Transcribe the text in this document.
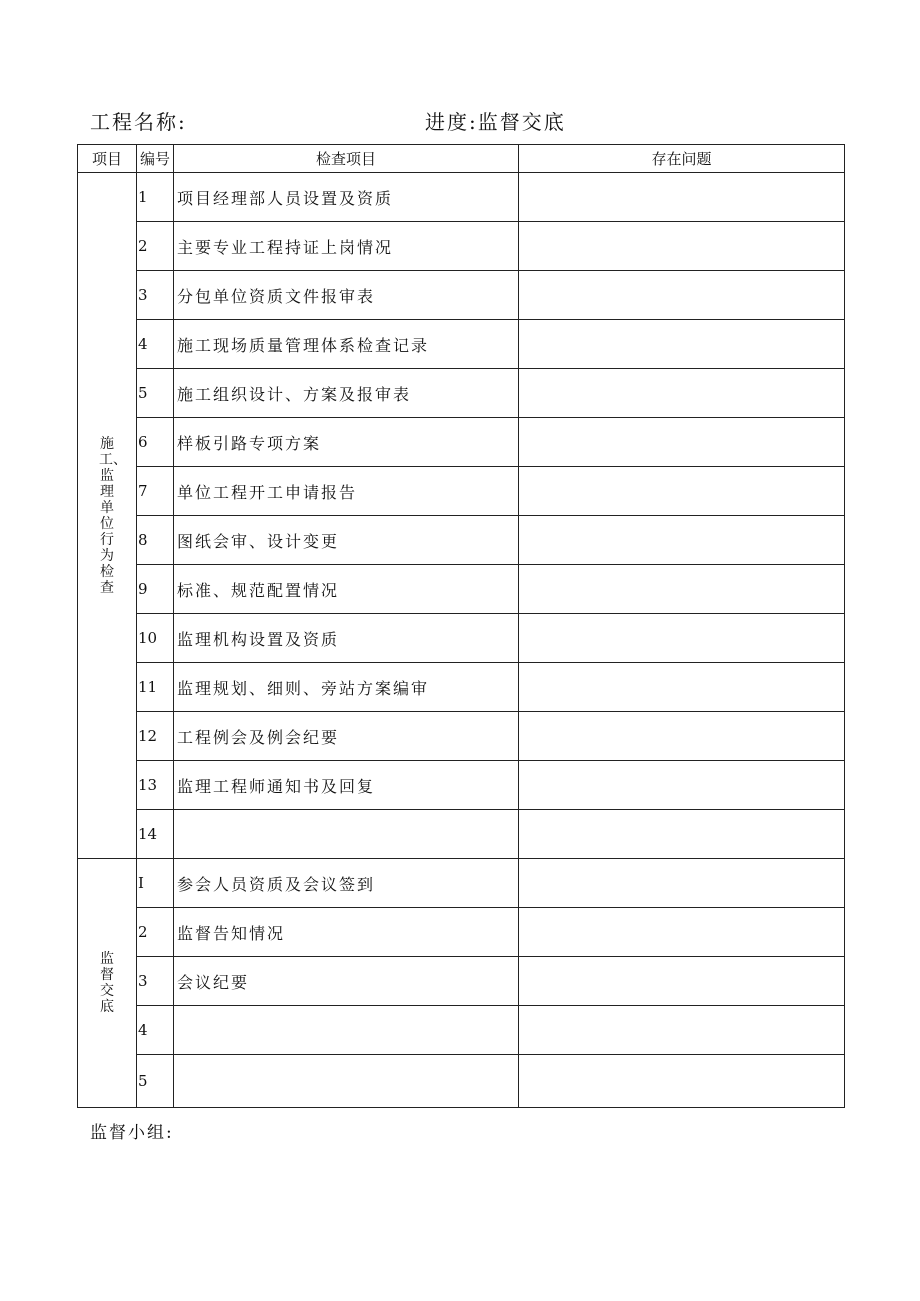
工程名称:	进度:监督交底
项目	编号	检查项目	存在问题
施工、监理单位行为检查	1	项目经理部人员设置及资质	
	2	主要专业工程持证上岗情况	
	3	分包单位资质文件报审表	
	4	施工现场质量管理体系检查记录	
	5	施工组织设计、方案及报审表	
	6	样板引路专项方案	
	7	单位工程开工申请报告	
	8	图纸会审、设计变更	
	9	标准、规范配置情况	
	10	监理机构设置及资质	
	11	监理规划、细则、旁站方案编审	
	12	工程例会及例会纪要	
	13	监理工程师通知书及回复	
	14		
监督交底	I	参会人员资质及会议签到	
	2	监督告知情况	
	3	会议纪要	
	4		
	5		
监督小组:
